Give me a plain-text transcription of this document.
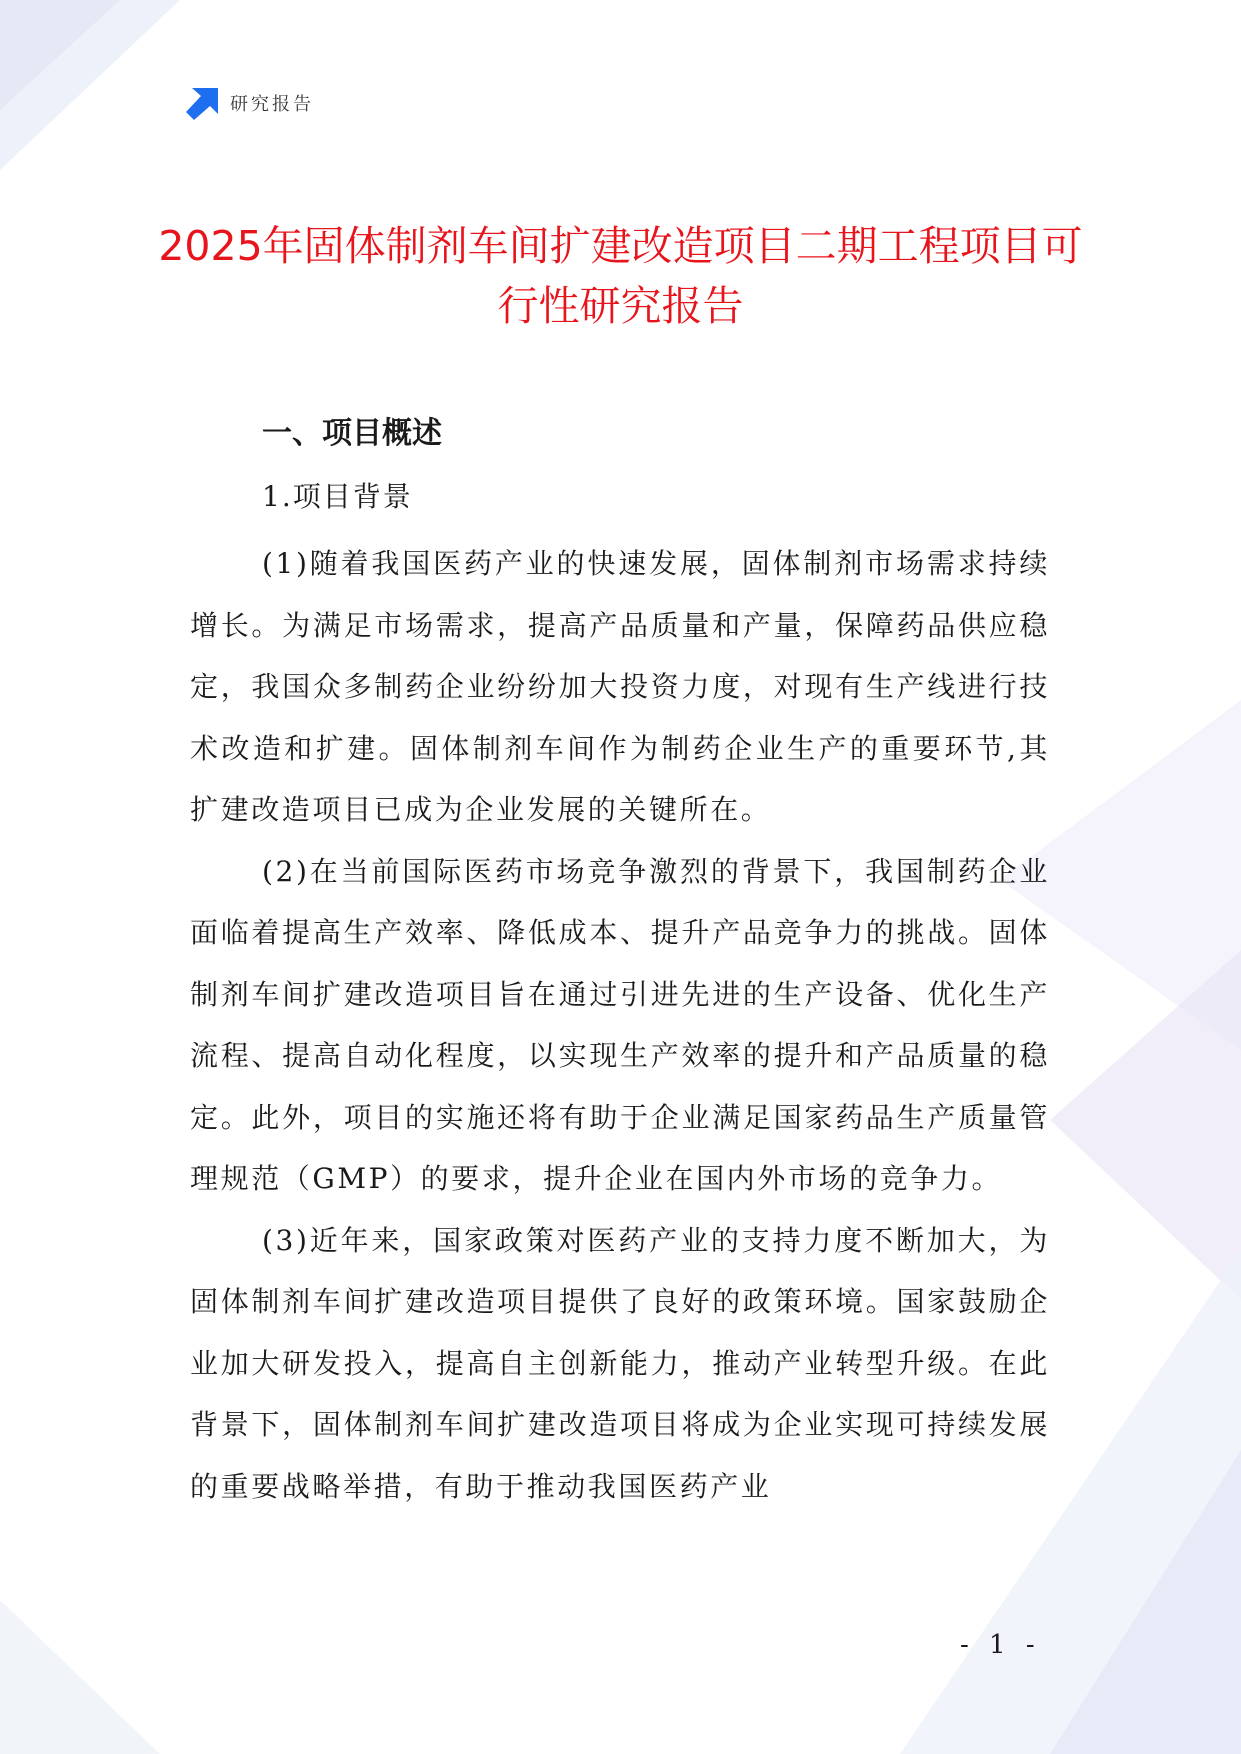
研究报告
2025年固体制剂车间扩建改造项目二期工程项目可行性研究报告
一、项目概述
1.项目背景

(1)随着我国医药产业的快速发展，固体制剂市场需求持续增长。为满足市场需求，提高产品质量和产量，保障药品供应稳定，我国众多制药企业纷纷加大投资力度，对现有生产线进行技术改造和扩建。固体制剂车间作为制药企业生产的重要环节,其扩建改造项目已成为企业发展的关键所在。

(2)在当前国际医药市场竞争激烈的背景下，我国制药企业面临着提高生产效率、降低成本、提升产品竞争力的挑战。固体制剂车间扩建改造项目旨在通过引进先进的生产设备、优化生产流程、提高自动化程度，以实现生产效率的提升和产品质量的稳定。此外，项目的实施还将有助于企业满足国家药品生产质量管理规范（GMP）的要求，提升企业在国内外市场的竞争力。

(3)近年来，国家政策对医药产业的支持力度不断加大，为固体制剂车间扩建改造项目提供了良好的政策环境。国家鼓励企业加大研发投入，提高自主创新能力，推动产业转型升级。在此背景下，固体制剂车间扩建改造项目将成为企业实现可持续发展的重要战略举措，有助于推动我国医药产业

- 1 -
